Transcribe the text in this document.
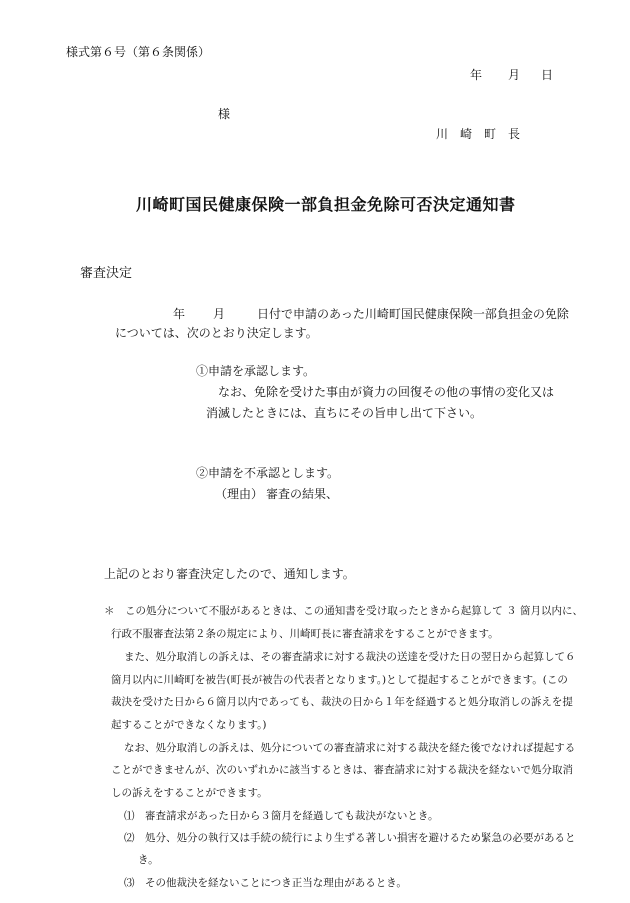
様式第６号（第６条関係）
年 月 日
様
川　崎　町　長
川崎町国民健康保険一部負担金免除可否決定通知書
審査決定
年 月	日付で申請のあった川崎町国民健康保険一部負担金の免除
については、次のとおり決定します。
①申請を承認します。
なお、免除を受けた事由が資力の回復その他の事情の変化又は
消滅したときには、直ちにその旨申し出て下さい。
②申請を不承認とします。
（理由） 審査の結果、
上記のとおり審査決定したので、通知します。
＊　この処分について不服があるときは、この通知書を受け取ったときから起算して ３ 箇月以内に、
行政不服審査法第２条の規定により、川崎町長に審査請求をすることができます。
また、処分取消しの訴えは、その審査請求に対する裁決の送達を受けた日の翌日から起算して６
箇月以内に川崎町を被告(町長が被告の代表者となります。)として提起することができます。(この
裁決を受けた日から６箇月以内であっても、裁決の日から１年を経過すると処分取消しの訴えを提
起することができなくなります。)
なお、処分取消しの訴えは、処分についての審査請求に対する裁決を経た後でなければ提起する
ことができませんが、次のいずれかに該当するときは、審査請求に対する裁決を経ないで処分取消
しの訴えをすることができます。
⑴　審査請求があった日から３箇月を経過しても裁決がないとき。
⑵　処分、処分の執行又は手続の続行により生ずる著しい損害を避けるため緊急の必要があると
き。
⑶　その他裁決を経ないことにつき正当な理由があるとき。
